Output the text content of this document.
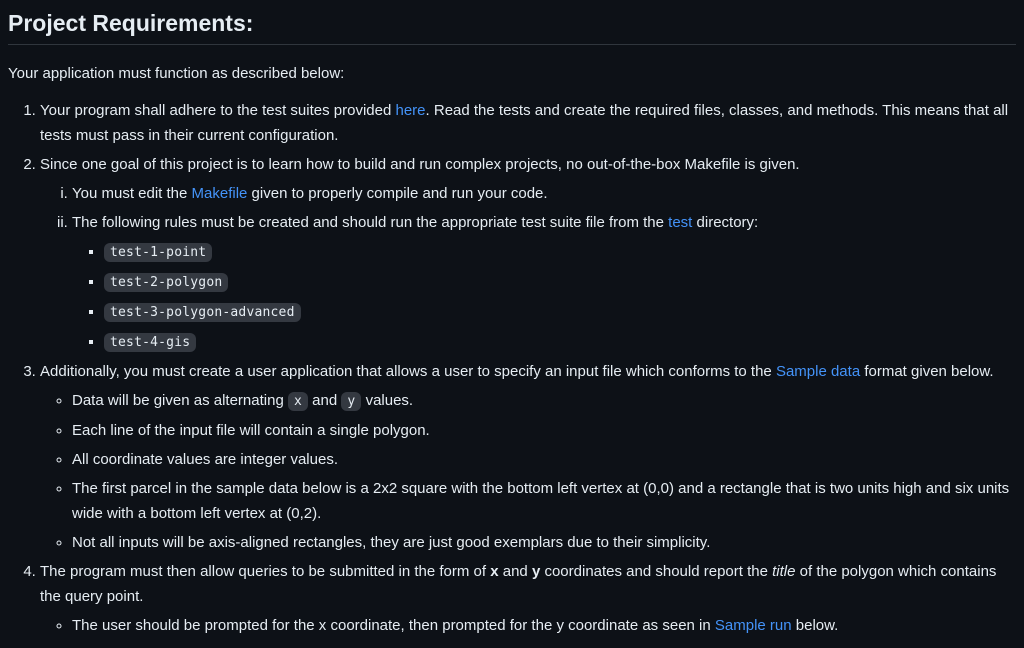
Project Requirements:

Your application must function as described below:

1. Your program shall adhere to the test suites provided here. Read the tests and create the required files, classes, and methods. This means that all tests must pass in their current configuration.
2. Since one goal of this project is to learn how to build and run complex projects, no out-of-the-box Makefile is given.
i. You must edit the Makefile given to properly compile and run your code.
ii. The following rules must be created and should run the appropriate test suite file from the test directory:
▪ test-1-point
▪ test-2-polygon
▪ test-3-polygon-advanced
▪ test-4-gis
3. Additionally, you must create a user application that allows a user to specify an input file which conforms to the Sample data format given below.
◦ Data will be given as alternating x and y values.
◦ Each line of the input file will contain a single polygon.
◦ All coordinate values are integer values.
◦ The first parcel in the sample data below is a 2x2 square with the bottom left vertex at (0,0) and a rectangle that is two units high and six units wide with a bottom left vertex at (0,2).
◦ Not all inputs will be axis-aligned rectangles, they are just good exemplars due to their simplicity.
4. The program must then allow queries to be submitted in the form of x and y coordinates and should report the title of the polygon which contains the query point.
◦ The user should be prompted for the x coordinate, then prompted for the y coordinate as seen in Sample run below.
